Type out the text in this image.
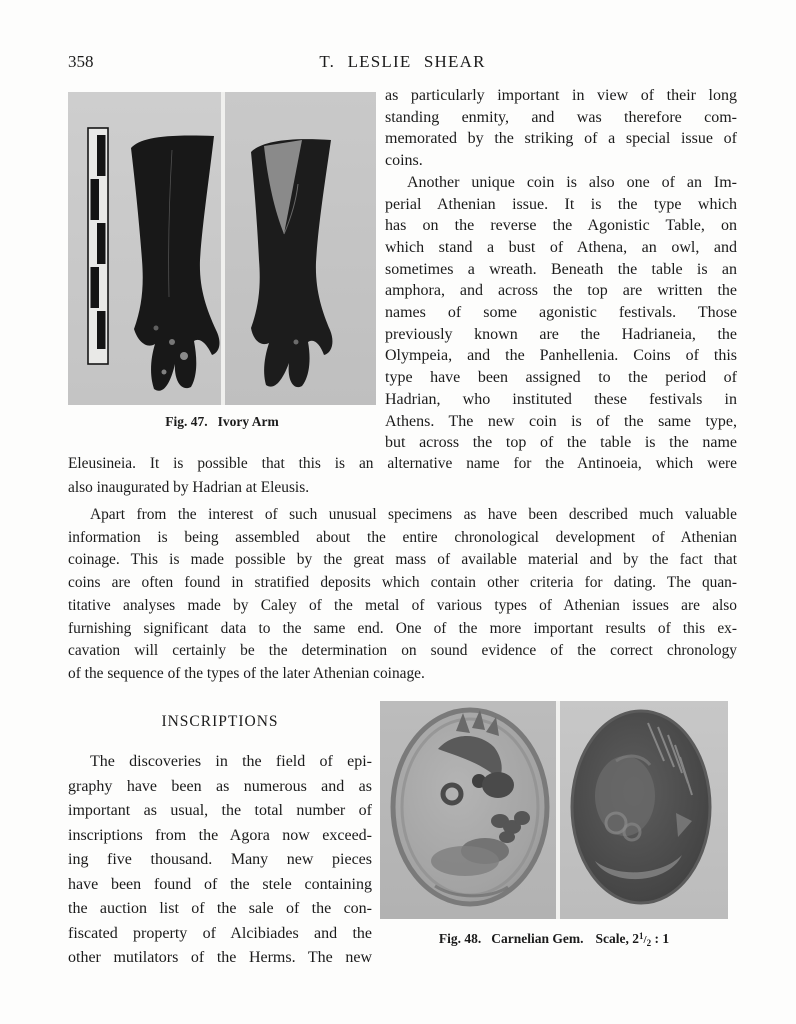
358	T. LESLIE SHEAR
Fig. 47. Ivory Arm
as particularly important in view of their long
standing enmity, and was therefore com-
memorated by the striking of a special issue of
coins.
Another unique coin is also one of an Im-
perial Athenian issue. It is the type which
has on the reverse the Agonistic Table, on
which stand a bust of Athena, an owl, and
sometimes a wreath. Beneath the table is an
amphora, and across the top are written the
names of some agonistic festivals. Those
previously known are the Hadrianeia, the
Olympeia, and the Panhellenia. Coins of this
type have been assigned to the period of
Hadrian, who instituted these festivals in
Athens. The new coin is of the same type,
but across the top of the table is the name
Eleusineia. It is possible that this is an alternative name for the Antinoeia, which were
also inaugurated by Hadrian at Eleusis.
Apart from the interest of such unusual specimens as have been described much valuable
information is being assembled about the entire chronological development of Athenian
coinage. This is made possible by the great mass of available material and by the fact that
coins are often found in stratified deposits which contain other criteria for dating. The quan-
titative analyses made by Caley of the metal of various types of Athenian issues are also
furnishing significant data to the same end. One of the more important results of this ex-
cavation will certainly be the determination on sound evidence of the correct chronology
of the sequence of the types of the later Athenian coinage.
INSCRIPTIONS
The discoveries in the field of epi-
graphy have been as numerous and as
important as usual, the total number of
inscriptions from the Agora now exceed-
ing five thousand. Many new pieces
have been found of the stele containing
the auction list of the sale of the con-
fiscated property of Alcibiades and the
other mutilators of the Herms. The new
Fig. 48. Carnelian Gem. Scale, $2^1/_2$ : 1
